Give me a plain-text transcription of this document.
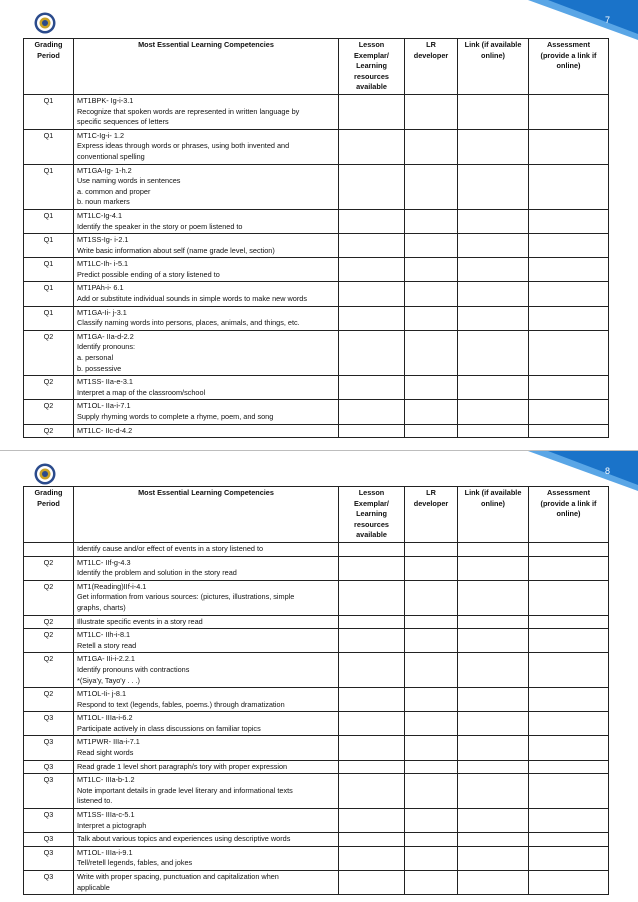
7
Grading Period	Most Essential Learning Competencies	Lesson Exemplar/ Learning resources available	LR developer	Link (if available online)	Assessment (provide a link if online)
Q1	MT1BPK- Ig-i-3.1
Recognize that spoken words are represented in written language by
specific sequences of letters				

Q1	MT1C-Ig-i- 1.2
Express ideas through words or phrases, using both invented and
conventional spelling				

Q1	MT1GA-Ig- 1-h.2
Use naming words in sentences
a. common and proper
b. noun markers				

Q1	MT1LC-Ig-4.1
Identify the speaker in the story or poem listened to				

Q1	MT1SS-Ig- i-2.1
Write basic information about self (name grade level, section)				

Q1	MT1LC-Ih- i-5.1
Predict possible ending of a story listened to				

Q1	MT1PAh-i- 6.1
Add or substitute individual sounds in simple words to make new words				

Q1	MT1GA-Ii- j-3.1
Classify naming words into persons, places, animals, and things, etc.				

Q2	MT1GA- IIa-d-2.2
Identify pronouns:
a. personal
b. possessive				

Q2	MT1SS- IIa-e-3.1
Interpret a map of the classroom/school				

Q2	MT1OL- IIa-i-7.1
Supply rhyming words to complete a rhyme, poem, and song				

Q2	MT1LC- IIc-d-4.2				

8
Grading Period	Most Essential Learning Competencies	Lesson Exemplar/ Learning resources available	LR developer	Link (if available online)	Assessment (provide a link if online)

	Identify cause and/or effect of events in a story listened to				

Q2	MT1LC- IIf-g-4.3
Identify the problem and solution in the story read				

Q2	MT1(Reading)IIf-i-4.1
Get information from various sources: (pictures, illustrations, simple
graphs, charts)				

Q2	Illustrate specific events in a story read				

Q2	MT1LC- IIh-i-8.1
Retell a story read				

Q2	MT1GA- IIi-i-2.2.1
Identify pronouns with contractions
*(Siya'y, Tayo'y . . .)				

Q2	MT1OL-Ii- j-8.1
Respond to text (legends, fables, poems.) through dramatization				

Q3	MT1OL- IIIa-i-6.2
Participate actively in class discussions on familiar topics				

Q3	MT1PWR- IIIa-i-7.1
Read sight words				

Q3	Read grade 1 level short paragraph/s tory with proper expression				

Q3	MT1LC- IIIa-b-1.2
Note important details in grade level literary and informational texts
listened to.				

Q3	MT1SS- IIIa-c-5.1
Interpret a pictograph				

Q3	Talk about various topics and experiences using descriptive words				

Q3	MT1OL- IIIa-i-9.1
Tell/retell legends, fables, and jokes				

Q3	Write with proper spacing, punctuation and capitalization when
applicable				
